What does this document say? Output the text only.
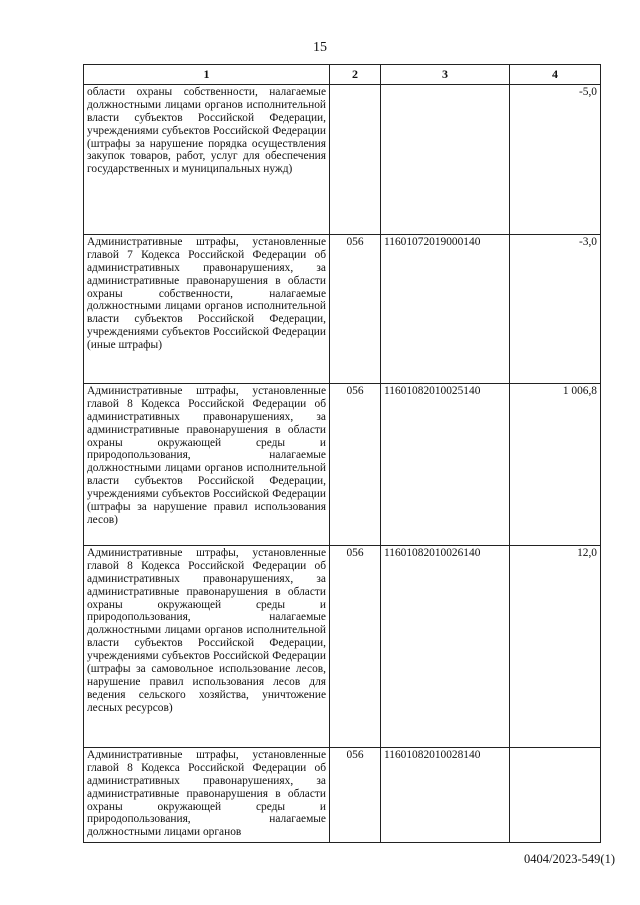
15
1	2	3	4
области охраны собственности, налагаемые должностными лицами органов исполнительной власти субъектов Российской Федерации, учреждениями субъектов Российской Федерации (штрафы за нарушение порядка осуществления закупок товаров, работ, услуг для обеспечения государственных и муниципальных нужд)			-5,0
Административные штрафы, установленные главой 7 Кодекса Российской Федерации об административных правонарушениях, за административные правонарушения в области охраны собственности, налагаемые должностными лицами органов исполнительной власти субъектов Российской Федерации, учреждениями субъектов Российской Федерации (иные штрафы)	056	11601072019000140	-3,0
Административные штрафы, установленные главой 8 Кодекса Российской Федерации об административных правонарушениях, за административные правонарушения в области охраны окружающей среды и природопользования, налагаемые должностными лицами органов исполнительной власти субъектов Российской Федерации, учреждениями субъектов Российской Федерации (штрафы за нарушение правил использования лесов)	056	11601082010025140	1 006,8
Административные штрафы, установленные главой 8 Кодекса Российской Федерации об административных правонарушениях, за административные правонарушения в области охраны окружающей среды и природопользования, налагаемые должностными лицами органов исполнительной власти субъектов Российской Федерации, учреждениями субъектов Российской Федерации (штрафы за самовольное использование лесов, нарушение правил использования лесов для ведения сельского хозяйства, уничтожение лесных ресурсов)	056	11601082010026140	12,0
Административные штрафы, установленные главой 8 Кодекса Российской Федерации об административных правонарушениях, за административные правонарушения в области охраны окружающей среды и природопользования, налагаемые должностными лицами органов	056	11601082010028140	
0404/2023-549(1)
